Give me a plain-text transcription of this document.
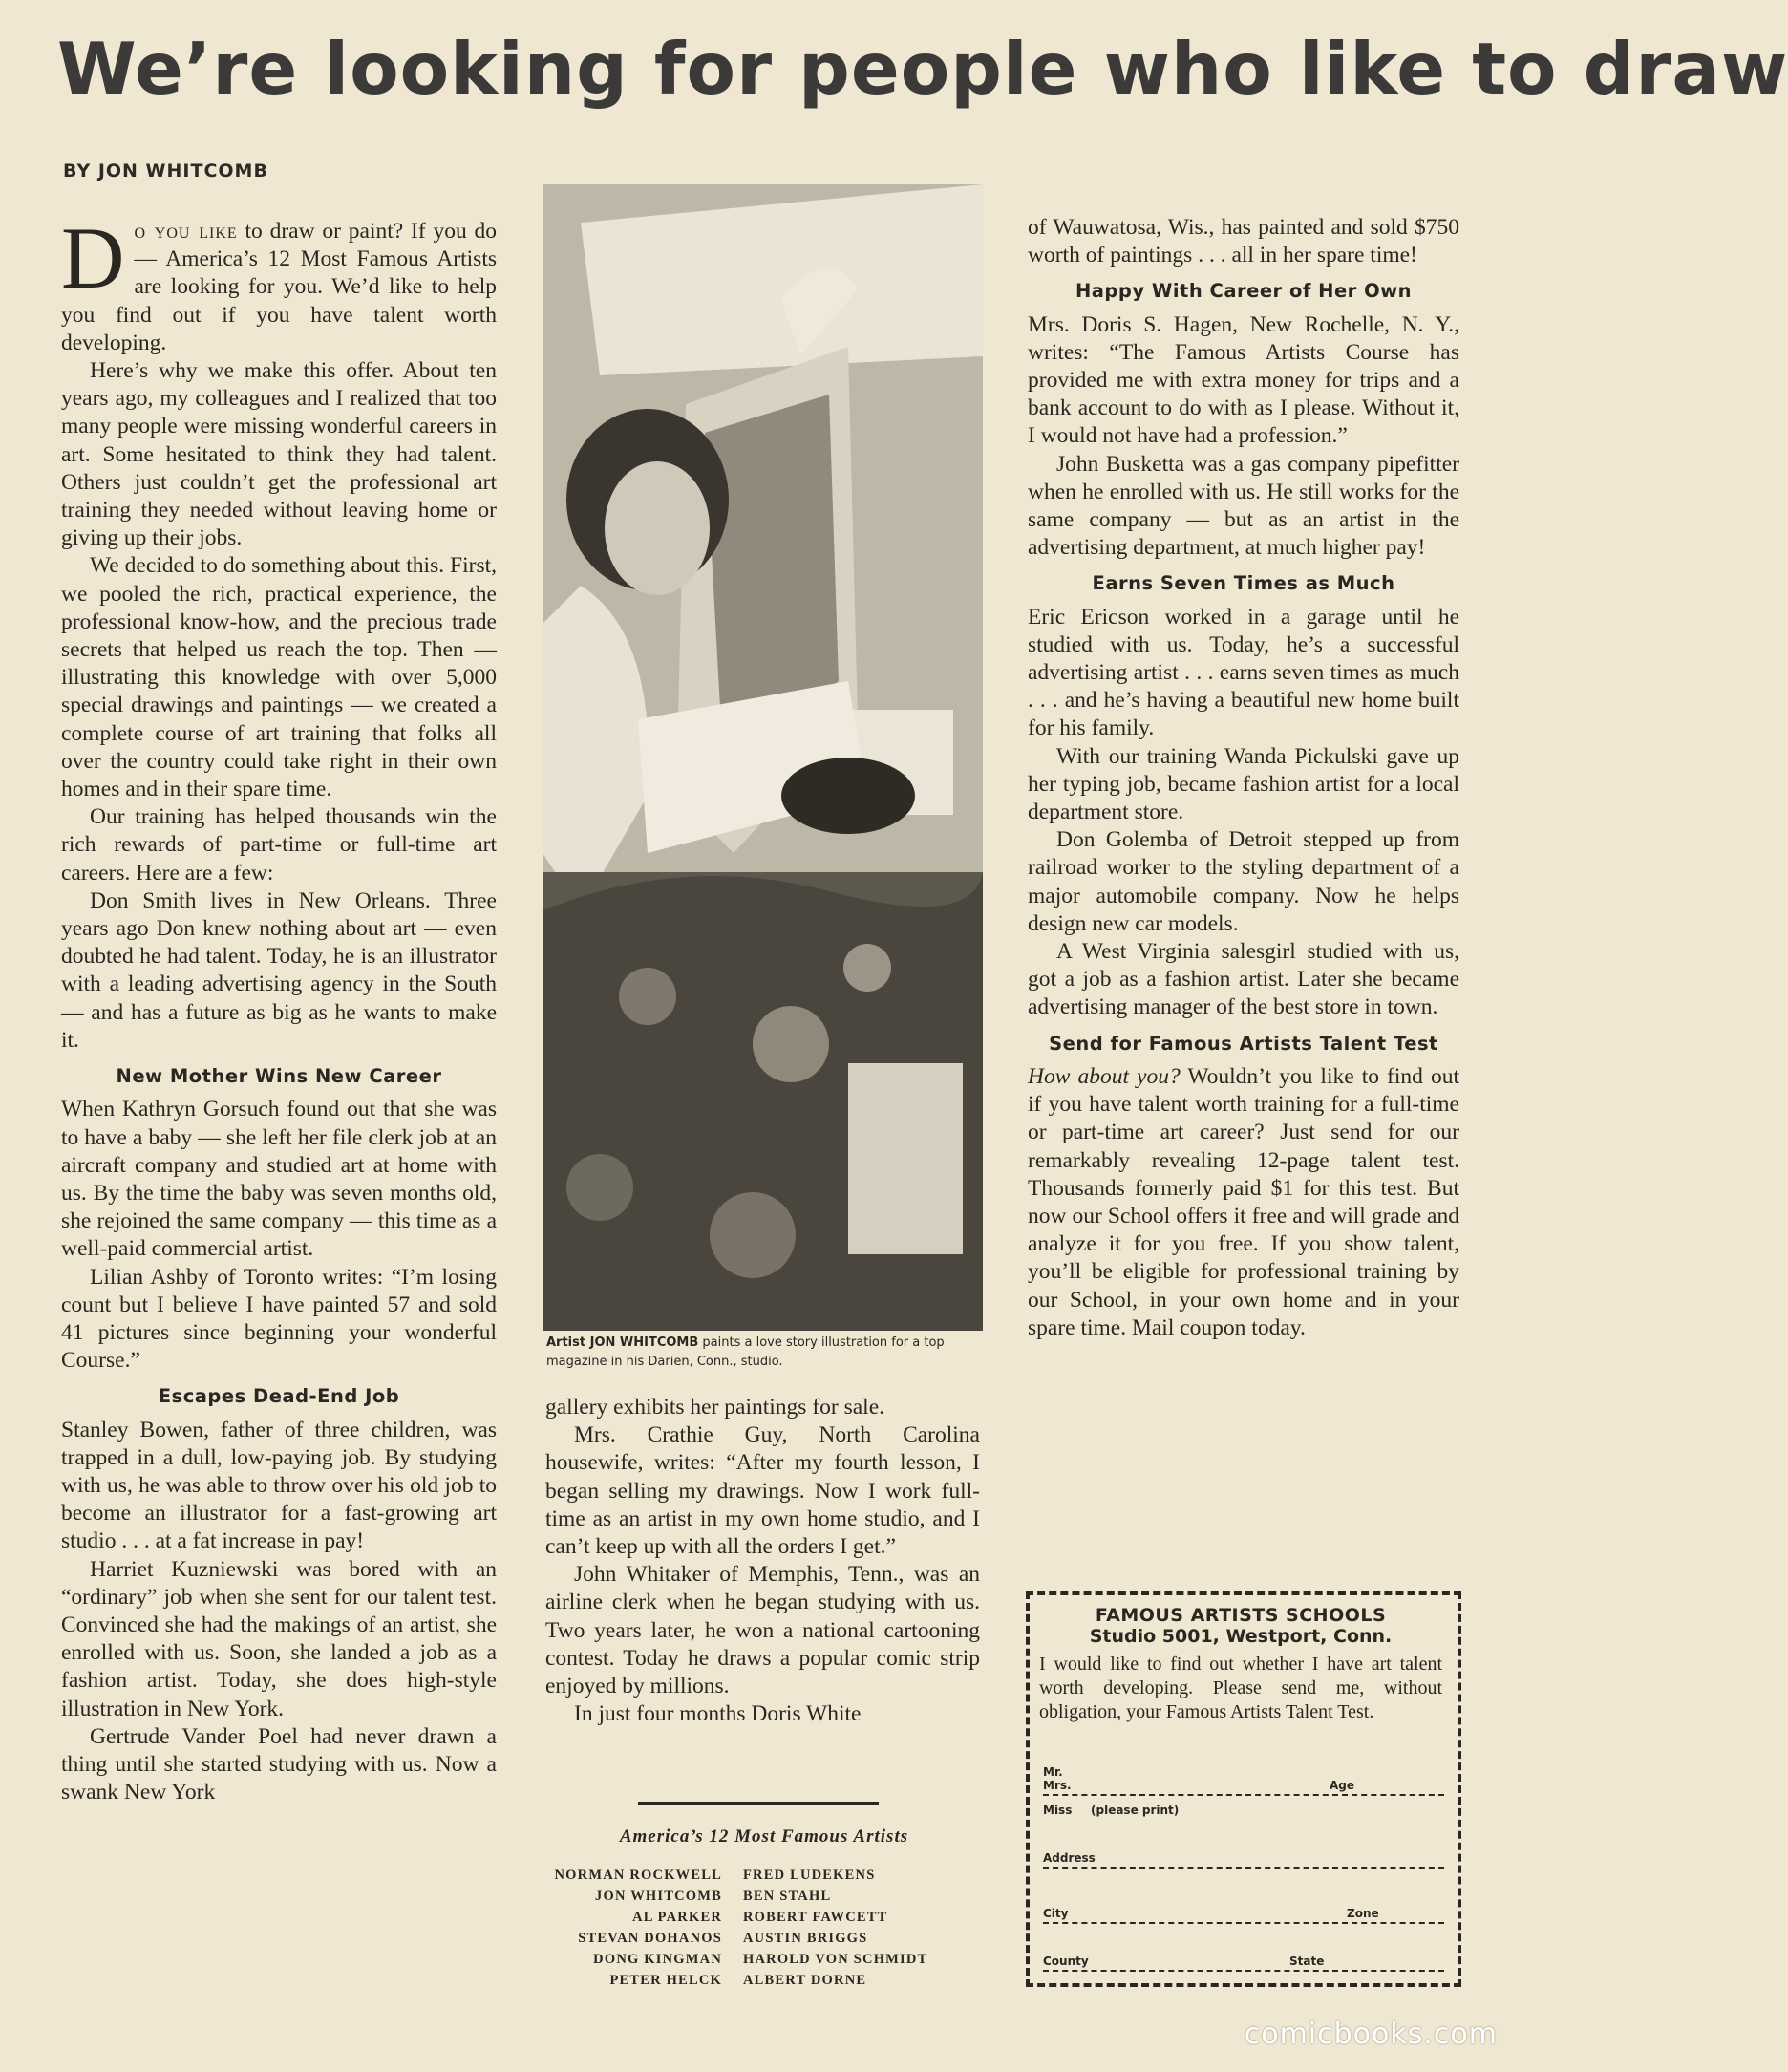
We’re looking for people who like to draw
BY JON WHITCOMB

Do you like to draw or paint? If you do — America’s 12 Most Famous Artists are looking for you. We’d like to help you find out if you have talent worth developing.

Here’s why we make this offer. About ten years ago, my colleagues and I realized that too many people were missing wonderful careers in art. Some hesitated to think they had talent. Others just couldn’t get the professional art training they needed without leaving home or giving up their jobs.

We decided to do something about this. First, we pooled the rich, practical experience, the professional know-how, and the precious trade secrets that helped us reach the top. Then — illustrating this knowledge with over 5,000 special drawings and paintings — we created a complete course of art training that folks all over the country could take right in their own homes and in their spare time.

Our training has helped thousands win the rich rewards of part-time or full-time art careers. Here are a few:

Don Smith lives in New Orleans. Three years ago Don knew nothing about art — even doubted he had talent. Today, he is an illustrator with a leading advertising agency in the South — and has a future as big as he wants to make it.

New Mother Wins New Career

When Kathryn Gorsuch found out that she was to have a baby — she left her file clerk job at an aircraft company and studied art at home with us. By the time the baby was seven months old, she rejoined the same company — this time as a well-paid commercial artist.

Lilian Ashby of Toronto writes: “I’m losing count but I believe I have painted 57 and sold 41 pictures since beginning your wonderful Course.”

Escapes Dead-End Job

Stanley Bowen, father of three children, was trapped in a dull, low-paying job. By studying with us, he was able to throw over his old job to become an illustrator for a fast-growing art studio . . . at a fat increase in pay!

Harriet Kuzniewski was bored with an “ordinary” job when she sent for our talent test. Convinced she had the makings of an artist, she enrolled with us. Soon, she landed a job as a fashion artist. Today, she does high-style illustration in New York.

Gertrude Vander Poel had never drawn a thing until she started studying with us. Now a swank New York

Artist JON WHITCOMB paints a love story illustration for a top magazine in his Darien, Conn., studio.

gallery exhibits her paintings for sale.

Mrs. Crathie Guy, North Carolina housewife, writes: “After my fourth lesson, I began selling my drawings. Now I work full-time as an artist in my own home studio, and I can’t keep up with all the orders I get.”

John Whitaker of Memphis, Tenn., was an airline clerk when he began studying with us. Two years later, he won a national cartooning contest. Today he draws a popular comic strip enjoyed by millions.

In just four months Doris White

America’s 12 Most Famous Artists
NORMAN ROCKWELL	FRED LUDEKENS
JON WHITCOMB	BEN STAHL
AL PARKER	ROBERT FAWCETT
STEVAN DOHANOS	AUSTIN BRIGGS
DONG KINGMAN	HAROLD VON SCHMIDT
PETER HELCK	ALBERT DORNE

of Wauwatosa, Wis., has painted and sold $750 worth of paintings . . . all in her spare time!

Happy With Career of Her Own

Mrs. Doris S. Hagen, New Rochelle, N. Y., writes: “The Famous Artists Course has provided me with extra money for trips and a bank account to do with as I please. Without it, I would not have had a profession.”

John Busketta was a gas company pipefitter when he enrolled with us. He still works for the same company — but as an artist in the advertising department, at much higher pay!

Earns Seven Times as Much

Eric Ericson worked in a garage until he studied with us. Today, he’s a successful advertising artist . . . earns seven times as much . . . and he’s having a beautiful new home built for his family.

With our training Wanda Pickulski gave up her typing job, became fashion artist for a local department store.

Don Golemba of Detroit stepped up from railroad worker to the styling department of a major automobile company. Now he helps design new car models.

A West Virginia salesgirl studied with us, got a job as a fashion artist. Later she became advertising manager of the best store in town.

Send for Famous Artists Talent Test

How about you? Wouldn’t you like to find out if you have talent worth training for a full-time or part-time art career? Just send for our remarkably revealing 12-page talent test. Thousands formerly paid $1 for this test. But now our School offers it free and will grade and analyze it for you free. If you show talent, you’ll be eligible for professional training by our School, in your own home and in your spare time. Mail coupon today.

FAMOUS ARTISTS SCHOOLS
Studio 5001, Westport, Conn.
I would like to find out whether I have art talent worth developing. Please send me, without obligation, your Famous Artists Talent Test.
Mr.
Mrs.	Age
Miss (please print)
Address
City	Zone
County	State
comicbooks.com
